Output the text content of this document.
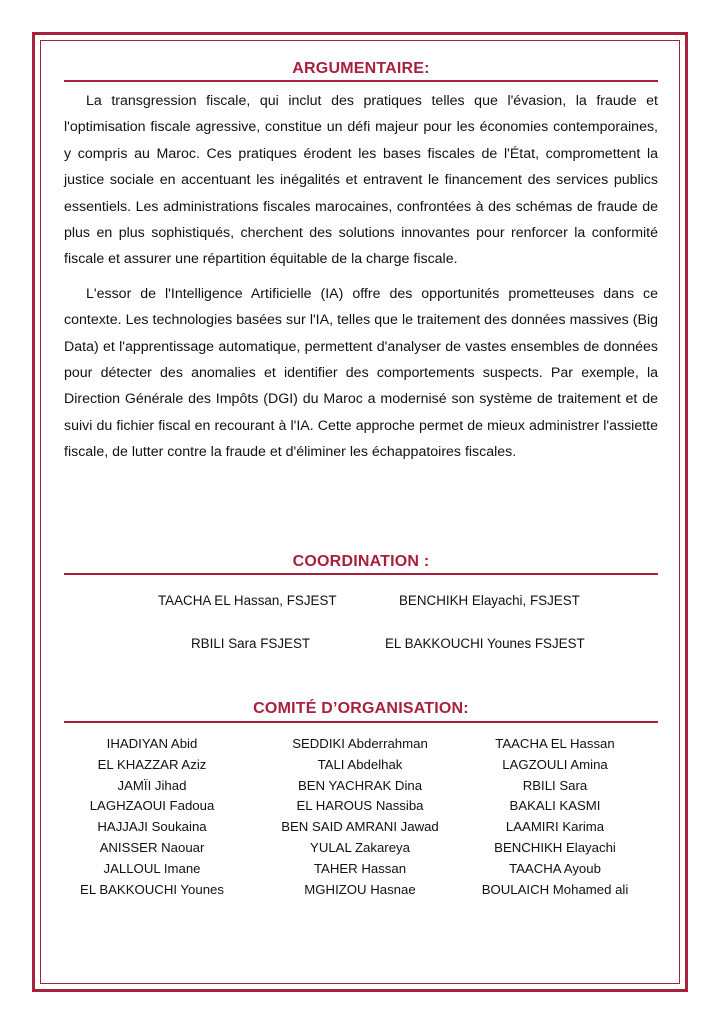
ARGUMENTAIRE:

La transgression fiscale, qui inclut des pratiques telles que l'évasion, la fraude et l'optimisation fiscale agressive, constitue un défi majeur pour les économies contemporaines, y compris au Maroc. Ces pratiques érodent les bases fiscales de l'État, compromettent la justice sociale en accentuant les inégalités et entravent le financement des services publics essentiels. Les administrations fiscales marocaines, confrontées à des schémas de fraude de plus en plus sophistiqués, cherchent des solutions innovantes pour renforcer la conformité fiscale et assurer une répartition équitable de la charge fiscale.

L'essor de l'Intelligence Artificielle (IA) offre des opportunités prometteuses dans ce contexte. Les technologies basées sur l'IA, telles que le traitement des données massives (Big Data) et l'apprentissage automatique, permettent d'analyser de vastes ensembles de données pour détecter des anomalies et identifier des comportements suspects. Par exemple, la Direction Générale des Impôts (DGI) du Maroc a modernisé son système de traitement et de suivi du fichier fiscal en recourant à l'IA. Cette approche permet de mieux administrer l'assiette fiscale, de lutter contre la fraude et d'éliminer les échappatoires fiscales.

COORDINATION :
TAACHA EL Hassan, FSJEST	BENCHIKH Elayachi, FSJEST
RBILI Sara FSJEST	EL BAKKOUCHI Younes FSJEST
COMITÉ D’ORGANISATION:
IHADIYAN Abid
EL KHAZZAR Aziz
JAMÏI Jihad
LAGHZAOUI Fadoua
HAJJAJI Soukaina
ANISSER Naouar
JALLOUL Imane
EL BAKKOUCHI Younes
SEDDIKI Abderrahman
TALI Abdelhak
BEN YACHRAK Dina
EL HAROUS Nassiba
BEN SAID AMRANI Jawad
YULAL Zakareya
TAHER Hassan
MGHIZOU Hasnae
TAACHA EL Hassan
LAGZOULI Amina
RBILI Sara
BAKALI KASMI
LAAMIRI Karima
BENCHIKH Elayachi
TAACHA Ayoub
BOULAICH Mohamed ali
